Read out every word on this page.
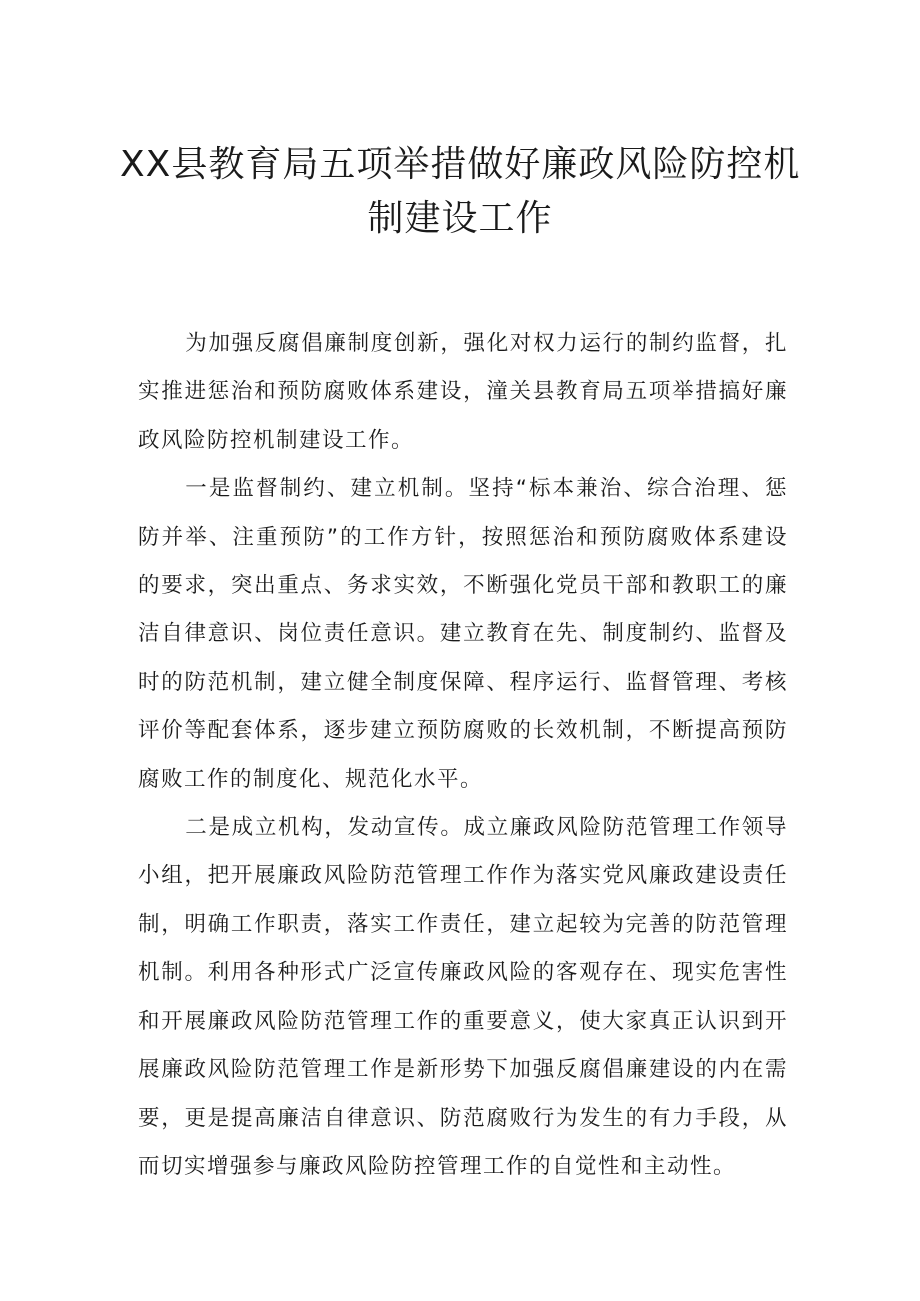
XX县教育局五项举措做好廉政风险防控机
制建设工作

为加强反腐倡廉制度创新，强化对权力运行的制约监督，扎实推进惩治和预防腐败体系建设，潼关县教育局五项举措搞好廉政风险防控机制建设工作。

一是监督制约、建立机制。坚持“标本兼治、综合治理、惩防并举、注重预防”的工作方针，按照惩治和预防腐败体系建设的要求，突出重点、务求实效，不断强化党员干部和教职工的廉洁自律意识、岗位责任意识。建立教育在先、制度制约、监督及时的防范机制，建立健全制度保障、程序运行、监督管理、考核评价等配套体系，逐步建立预防腐败的长效机制，不断提高预防腐败工作的制度化、规范化水平。

二是成立机构，发动宣传。成立廉政风险防范管理工作领导小组，把开展廉政风险防范管理工作作为落实党风廉政建设责任制，明确工作职责，落实工作责任，建立起较为完善的防范管理机制。利用各种形式广泛宣传廉政风险的客观存在、现实危害性和开展廉政风险防范管理工作的重要意义，使大家真正认识到开展廉政风险防范管理工作是新形势下加强反腐倡廉建设的内在需要，更是提高廉洁自律意识、防范腐败行为发生的有力手段，从而切实增强参与廉政风险防控管理工作的自觉性和主动性。
